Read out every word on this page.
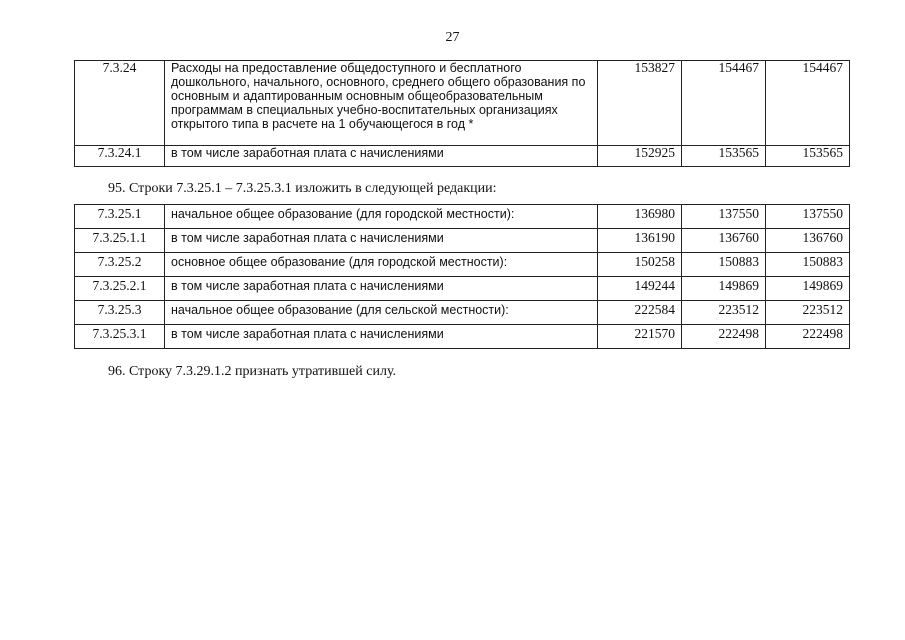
27
7.3.24	Расходы на предоставление общедоступного и бесплатного дошкольного, начального, основного, среднего общего образования по основным и адаптированным основным общеобразовательным программам в специальных учебно-воспитательных организациях открытого типа в расчете на 1 обучающегося в год *	153827	154467	154467
7.3.24.1	в том числе заработная плата с начислениями	152925	153565	153565
95. Строки 7.3.25.1 – 7.3.25.3.1 изложить в следующей редакции:
7.3.25.1	начальное общее образование (для городской местности):	136980	137550	137550
7.3.25.1.1	в том числе заработная плата с начислениями	136190	136760	136760
7.3.25.2	основное общее образование (для городской местности):	150258	150883	150883
7.3.25.2.1	в том числе заработная плата с начислениями	149244	149869	149869
7.3.25.3	начальное общее образование (для сельской местности):	222584	223512	223512
7.3.25.3.1	в том числе заработная плата с начислениями	221570	222498	222498
96. Строку 7.3.29.1.2 признать утратившей силу.
